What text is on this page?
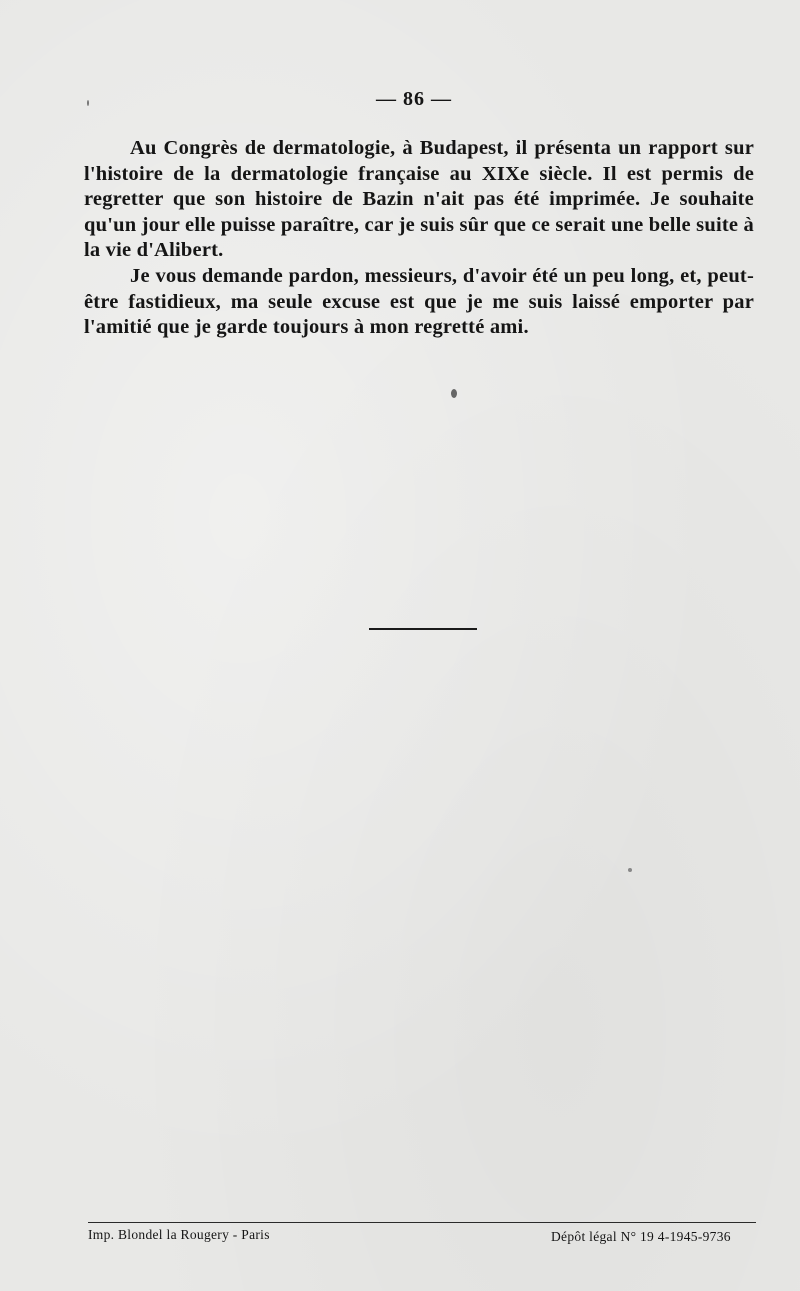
— 86 —

Au Congrès de dermatologie, à Budapest, il présenta un rapport sur l'histoire de la dermatologie française au XIXe siècle. Il est permis de regretter que son histoire de Bazin n'ait pas été imprimée. Je souhaite qu'un jour elle puisse paraître, car je suis sûr que ce serait une belle suite à la vie d'Alibert.

Je vous demande pardon, messieurs, d'avoir été un peu long, et, peut-être fastidieux, ma seule excuse est que je me suis laissé emporter par l'amitié que je garde toujours à mon regretté ami.

Imp. Blondel la Rougery - Paris	Dépôt légal N° 19 4-1945-9736
